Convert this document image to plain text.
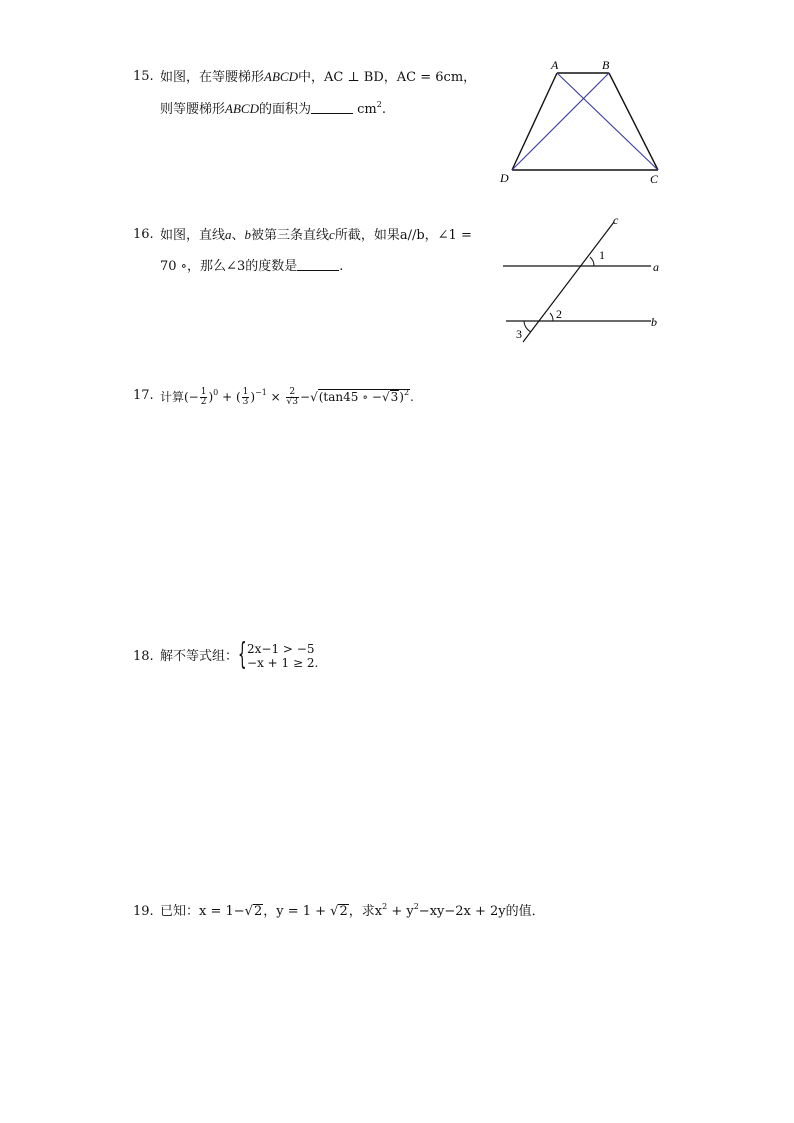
15. 如图，在等腰梯形ABCD中，AC ⊥ BD，AC = 6cm，
则等腰梯形ABCD的面积为	$cm^2$.
A	B
D	C
16. 如图，直线a、b被第三条直线c所截，如果a//b，∠1 =
70 ∘，那么∠3的度数是	.
c
a
b
1
2
3
17. 计算(− $\frac{1}{2} )^0$ + ( $\frac{1}{3} )^{-1} \times \frac{2}{√3} -√(\tan 45$ ∘ −√3)$^2$.
18. 解不等式组： { 2x−1 > −5
−x + 1 ≥ 2.
19. 已知：x = 1−√2，y = 1 + √2，求$x^2 + y^2-xy-2x + 2y$的值．
